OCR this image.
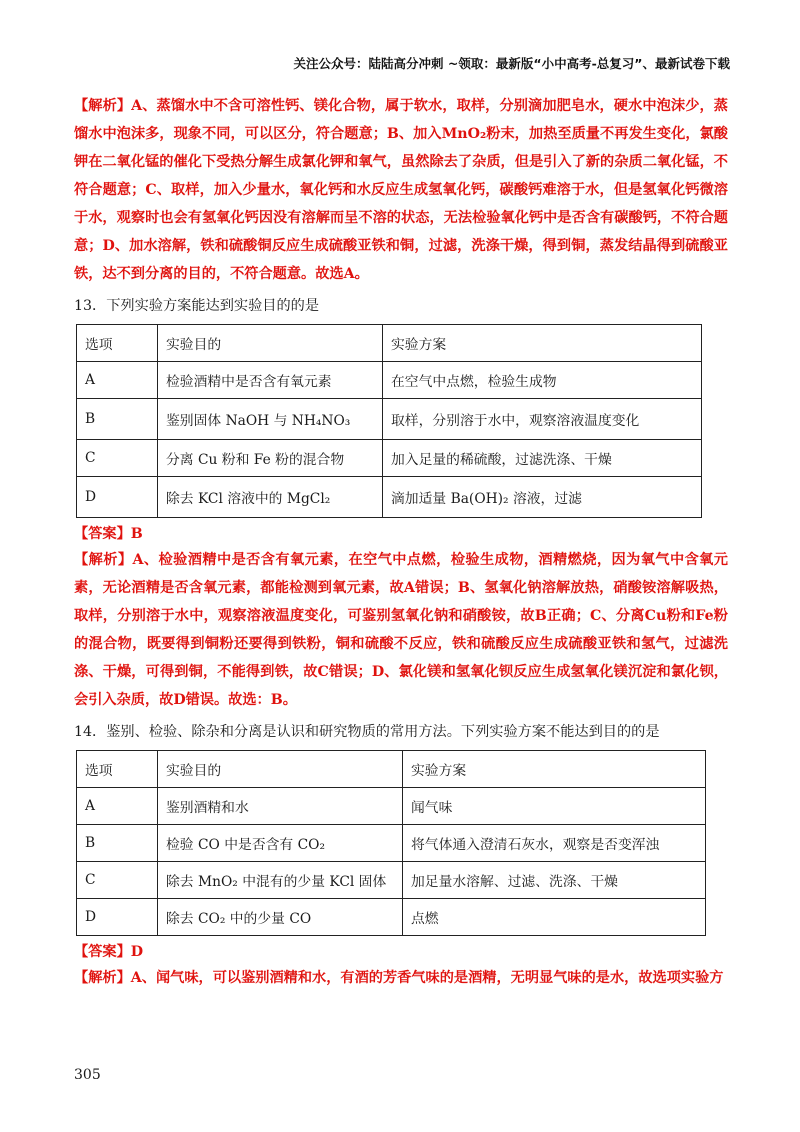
关注公众号：陆陆高分冲刺 ~领取：最新版“小中高考-总复习”、最新试卷下载

【解析】A、蒸馏水中不含可溶性钙、镁化合物，属于软水，取样，分别滴加肥皂水，硬水中泡沫少，蒸馏水中泡沫多，现象不同，可以区分，符合题意；B、加入MnO₂粉末，加热至质量不再发生变化，氯酸钾在二氧化锰的催化下受热分解生成氯化钾和氧气，虽然除去了杂质，但是引入了新的杂质二氧化锰，不符合题意；C、取样，加入少量水，氧化钙和水反应生成氢氧化钙，碳酸钙难溶于水，但是氢氧化钙微溶于水，观察时也会有氢氧化钙因没有溶解而呈不溶的状态，无法检验氧化钙中是否含有碳酸钙，不符合题意；D、加水溶解，铁和硫酸铜反应生成硫酸亚铁和铜，过滤，洗涤干燥，得到铜，蒸发结晶得到硫酸亚铁，达不到分离的目的，不符合题意。故选A。

13．下列实验方案能达到实验目的的是
选项	实验目的	实验方案
A	检验酒精中是否含有氧元素	在空气中点燃，检验生成物
B	鉴别固体 NaOH 与 NH₄NO₃	取样，分别溶于水中，观察溶液温度变化
C	分离 Cu 粉和 Fe 粉的混合物	加入足量的稀硫酸，过滤洗涤、干燥
D	除去 KCl 溶液中的 MgCl₂	滴加适量 Ba(OH)₂ 溶液，过滤

【答案】B

【解析】A、检验酒精中是否含有氧元素，在空气中点燃，检验生成物，酒精燃烧，因为氧气中含氧元素，无论酒精是否含氧元素，都能检测到氧元素，故A错误；B、氢氧化钠溶解放热，硝酸铵溶解吸热，取样，分别溶于水中，观察溶液温度变化，可鉴别氢氧化钠和硝酸铵，故B正确；C、分离Cu粉和Fe粉的混合物，既要得到铜粉还要得到铁粉，铜和硫酸不反应，铁和硫酸反应生成硫酸亚铁和氢气，过滤洗涤、干燥，可得到铜，不能得到铁，故C错误；D、氯化镁和氢氧化钡反应生成氢氧化镁沉淀和氯化钡，会引入杂质，故D错误。故选：B。

14．鉴别、检验、除杂和分离是认识和研究物质的常用方法。下列实验方案不能达到目的的是
选项	实验目的	实验方案
A	鉴别酒精和水	闻气味
B	检验 CO 中是否含有 CO₂	将气体通入澄清石灰水，观察是否变浑浊
C	除去 MnO₂ 中混有的少量 KCl 固体	加足量水溶解、过滤、洗涤、干燥
D	除去 CO₂ 中的少量 CO	点燃

【答案】D

【解析】A、闻气味，可以鉴别酒精和水，有酒的芳香气味的是酒精，无明显气味的是水，故选项实验方

305
